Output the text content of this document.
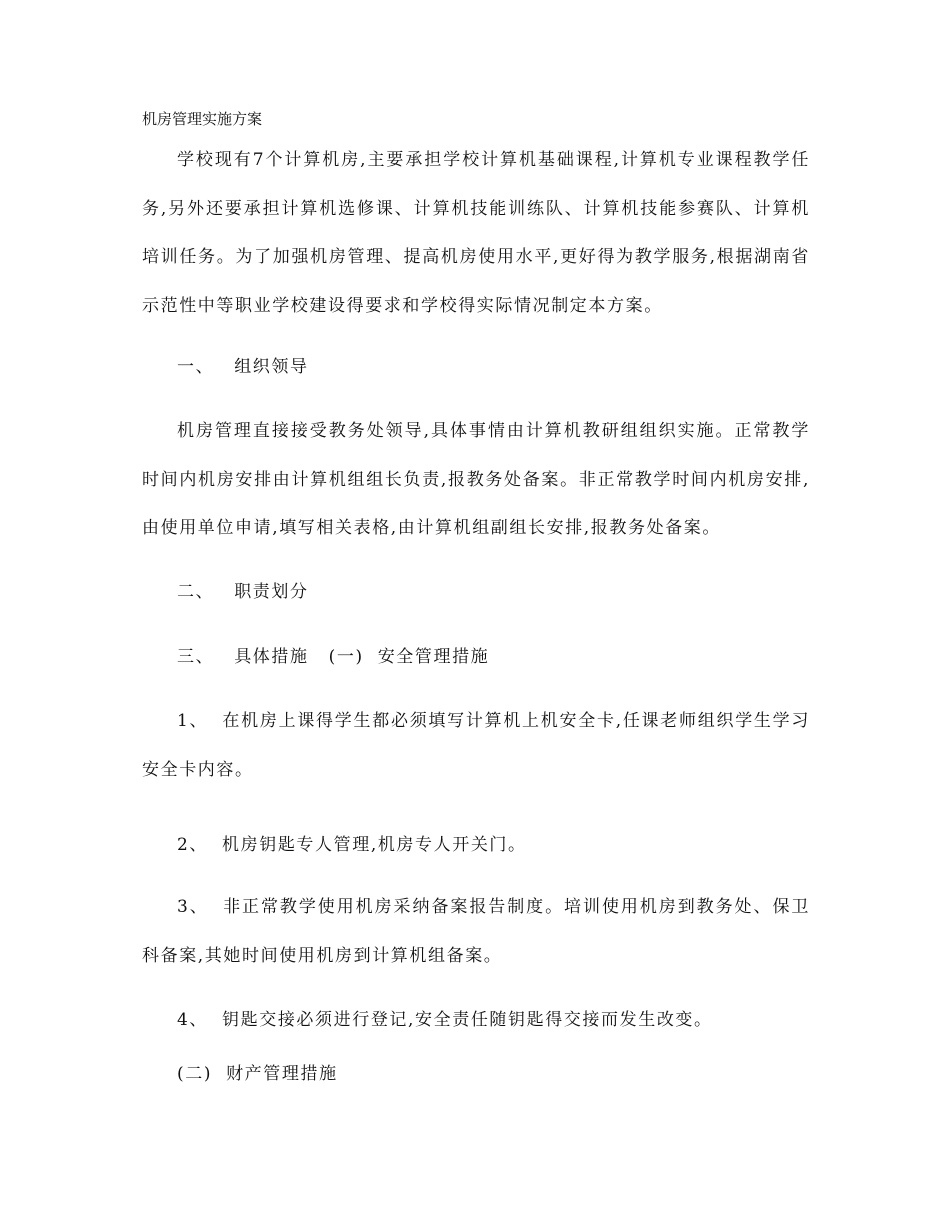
机房管理实施方案

学校现有7个计算机房,主要承担学校计算机基础课程,计算机专业课程教学任务,另外还要承担计算机选修课、计算机技能训练队、计算机技能参赛队、计算机培训任务。为了加强机房管理、提高机房使用水平,更好得为教学服务,根据湖南省示范性中等职业学校建设得要求和学校得实际情况制定本方案。

一、 组织领导

机房管理直接接受教务处领导,具体事情由计算机教研组组织实施。正常教学时间内机房安排由计算机组组长负责,报教务处备案。非正常教学时间内机房安排,由使用单位申请,填写相关表格,由计算机组副组长安排,报教务处备案。

二、 职责划分
三、 具体措施 (一) 安全管理措施

1、 在机房上课得学生都必须填写计算机上机安全卡,任课老师组织学生学习安全卡内容。

2、 机房钥匙专人管理,机房专人开关门。

3、 非正常教学使用机房采纳备案报告制度。培训使用机房到教务处、保卫科备案,其她时间使用机房到计算机组备案。

4、 钥匙交接必须进行登记,安全责任随钥匙得交接而发生改变。

(二) 财产管理措施
